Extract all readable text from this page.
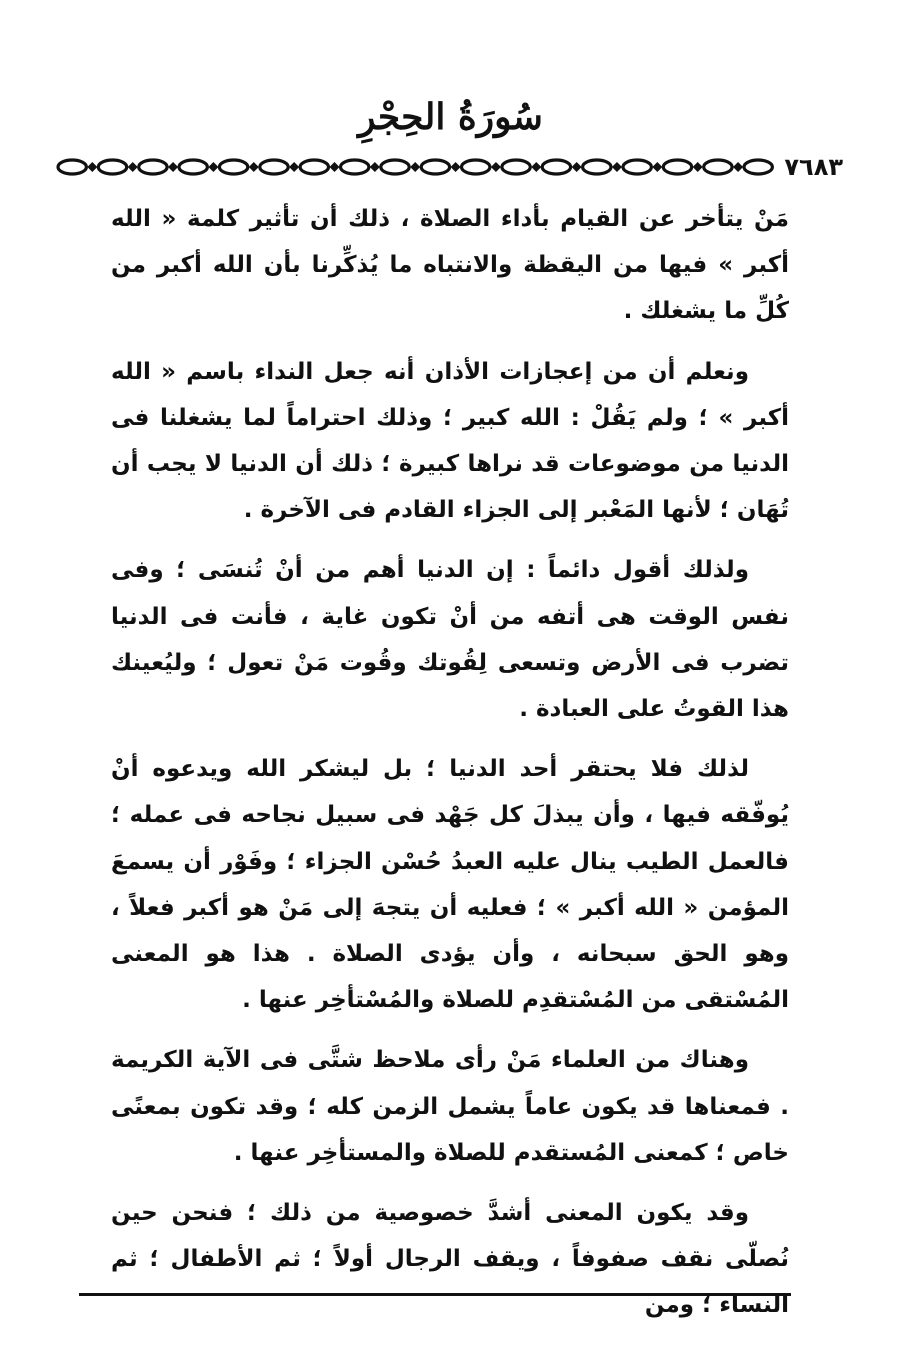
سُورَةُ الحِجْرِ
٧٦٨٣

مَنْ يتأخر عن القيام بأداء الصلاة ، ذلك أن تأثير كلمة « الله أكبر » فيها من اليقظة والانتباه ما يُذكِّرنا بأن الله أكبر من كُلِّ ما يشغلك .

ونعلم أن من إعجازات الأذان أنه جعل النداء باسم « الله أكبر » ؛ ولم يَقُلْ : الله كبير ؛ وذلك احتراماً لما يشغلنا فى الدنيا من موضوعات قد نراها كبيرة ؛ ذلك أن الدنيا لا يجب أن تُهَان ؛ لأنها المَعْبر إلى الجزاء القادم فى الآخرة .

ولذلك أقول دائماً : إن الدنيا أهم من أنْ تُنسَى ؛ وفى نفس الوقت هى أتفه من أنْ تكون غاية ، فأنت فى الدنيا تضرب فى الأرض وتسعى لِقُوتك وقُوت مَنْ تعول ؛ وليُعينك هذا القوتُ على العبادة .

لذلك فلا يحتقر أحد الدنيا ؛ بل ليشكر الله ويدعوه أنْ يُوفّقه فيها ، وأن يبذلَ كل جَهْد فى سبيل نجاحه فى عمله ؛ فالعمل الطيب ينال عليه العبدُ حُسْن الجزاء ؛ وفَوْر أن يسمعَ المؤمن « الله أكبر » ؛ فعليه أن يتجهَ إلى مَنْ هو أكبر فعلاً ، وهو الحق سبحانه ، وأن يؤدى الصلاة . هذا هو المعنى المُسْتقى من المُسْتقدِم للصلاة والمُسْتأخِر عنها .

وهناك من العلماء مَنْ رأى ملاحظ شتَّى فى الآية الكريمة . فمعناها قد يكون عاماً يشمل الزمن كله ؛ وقد تكون بمعنًى خاص ؛ كمعنى المُستقدم للصلاة والمستأخِر عنها .

وقد يكون المعنى أشدَّ خصوصية من ذلك ؛ فنحن حين نُصلّى نقف صفوفاً ، ويقف الرجال أولاً ؛ ثم الأطفال ؛ ثم النساء ؛ ومن
